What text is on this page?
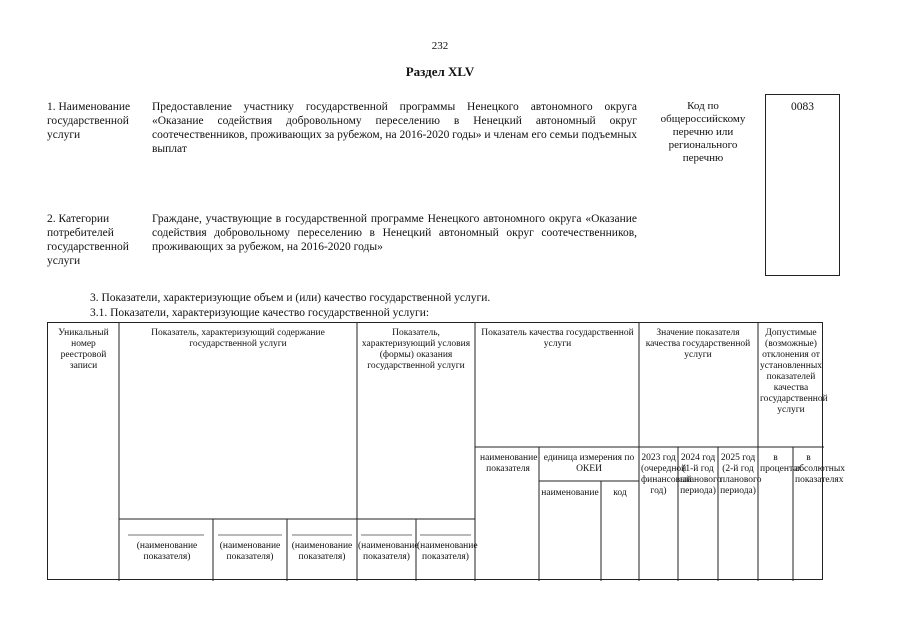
232
Раздел XLV
1. Наименование государственной услуги
Предоставление участнику государственной программы Ненецкого автономного округа «Оказание содействия добровольному переселению в Ненецкий автономный округ соотечественников, проживающих за рубежом, на 2016-2020 годы» и членам его семьи подъемных выплат
2. Категории потребителей государственной услуги
Граждане, участвующие в государственной программе Ненецкого автономного округа «Оказание содействия добровольному переселению в Ненецкий автономный округ соотечественников, проживающих за рубежом, на 2016-2020 годы»
Код по общероссийскому перечню или регионального перечню
0083
3. Показатели, характеризующие объем и (или) качество государственной услуги.
3.1. Показатели, характеризующие качество государственной услуги:
Уникальный номер реестровой записи
Показатель, характеризующий содержание государственной услуги
Показатель, характеризующий условия (формы) оказания государственной услуги
Показатель качества государственной услуги
Значение показателя качества государственной услуги
Допустимые (возможные) отклонения от установленных показателей качества государственной услуги
наименование показателя
единица измерения по ОКЕИ
наименование	код
2023 год (очередной финансовый год)
2024 год (1-й год планового периода)
2025 год (2-й год планового периода)
в процентах
в абсолютных показателях
(наименование показателя)
(наименование показателя)
(наименование показателя)
(наименование показателя)
(наименование показателя)
